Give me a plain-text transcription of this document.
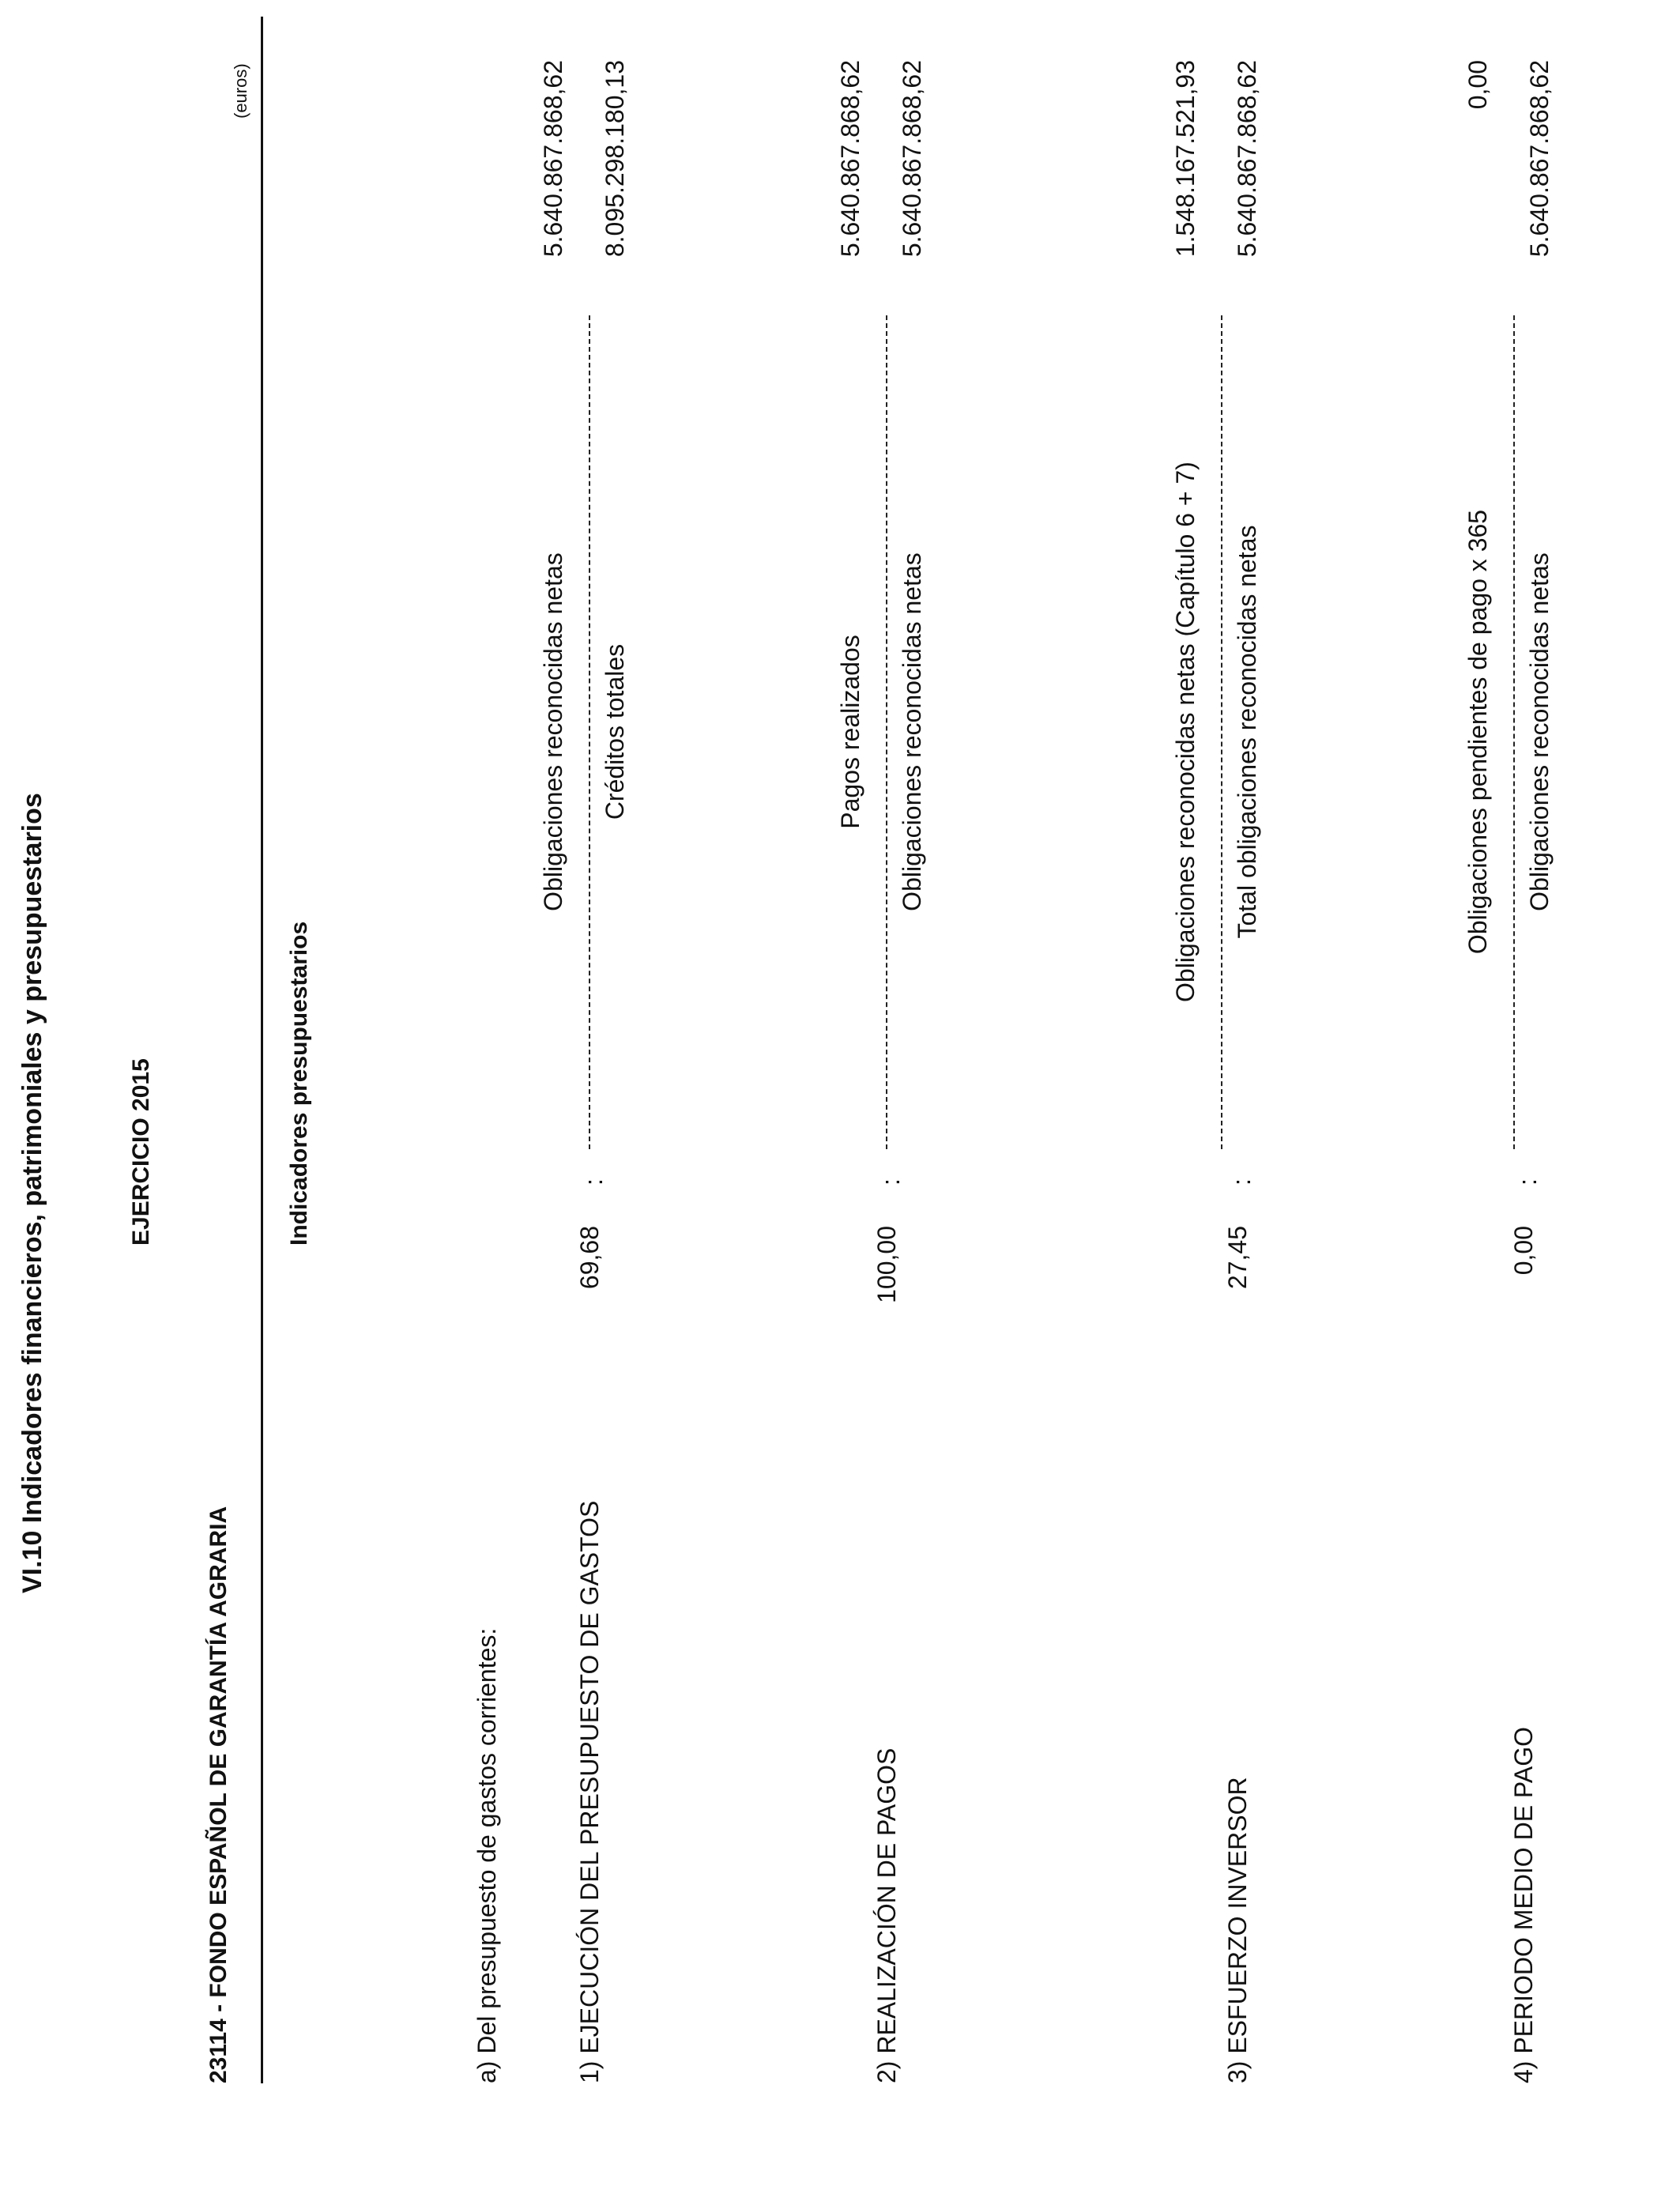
VI.10 Indicadores financieros, patrimoniales y presupuestarios	EJERCICIO 2015
23114 - FONDO ESPAÑOL DE GARANTÍA AGRARIA
Indicadores presupuestarios
(euros)
a) Del presupuesto de gastos corrientes:	1) EJECUCIÓN DEL PRESUPUESTO DE GASTOS
69,68
:
Obligaciones reconocidas netas Créditos totales
5.640.867.868,62 8.095.298.180,13
2) REALIZACIÓN DE PAGOS
100,00
:
Pagos realizados Obligaciones reconocidas netas
5.640.867.868,62 5.640.867.868,62
3) ESFUERZO INVERSOR
27,45
:
Obligaciones reconocidas netas (Capítulo 6 + 7) Total obligaciones reconocidas netas
1.548.167.521,93 5.640.867.868,62
4) PERIODO MEDIO DE PAGO
0,00
:
Obligaciones pendientes de pago x 365 Obligaciones reconocidas netas
0,00 5.640.867.868,62
